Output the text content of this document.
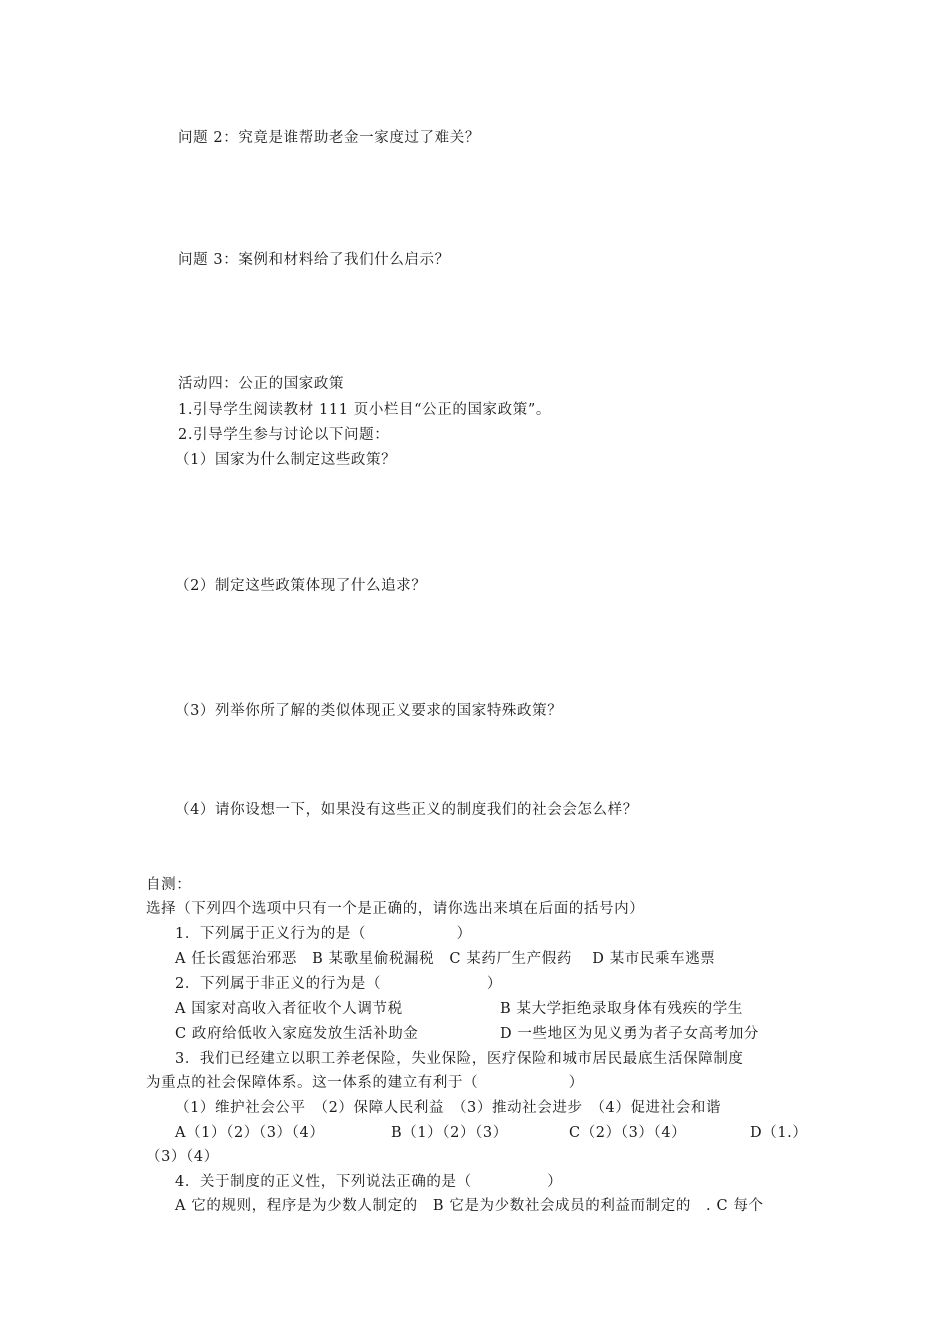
问题 2：究竟是谁帮助老金一家度过了难关？
问题 3：案例和材料给了我们什么启示？
活动四：公正的国家政策
1.引导学生阅读教材 111 页小栏目“公正的国家政策”。
2.引导学生参与讨论以下问题：
（1）国家为什么制定这些政策？
（2）制定这些政策体现了什么追求？
（3）列举你所了解的类似体现正义要求的国家特殊政策？
（4）请你设想一下，如果没有这些正义的制度我们的社会会怎么样？
自测：
选择（下列四个选项中只有一个是正确的，请你选出来填在后面的括号内）
1．下列属于正义行为的是（　　　　　　）
A 任长霞惩治邪恶　B 某歌星偷税漏税　C 某药厂生产假药　 D 某市民乘车逃票
2．下列属于非正义的行为是（　　　　　　　）
A 国家对高收入者征收个人调节税	B 某大学拒绝录取身体有残疾的学生
C 政府给低收入家庭发放生活补助金	D 一些地区为见义勇为者子女高考加分
3．我们已经建立以职工养老保险，失业保险，医疗保险和城市居民最底生活保障制度
为重点的社会保障体系。这一体系的建立有利于（　　　　　　）
（1）维护社会公平　（2）保障人民利益　（3）推动社会进步　（4）促进社会和谐
A（1）（2）（3）（4）	B（1）（2）（3）	C（2）（3）（4）	D（1.）
（3）（4）
4．关于制度的正义性，下列说法正确的是（　　　　　）
A 它的规则，程序是为少数人制定的　B 它是为少数社会成员的利益而制定的　. C 每个
